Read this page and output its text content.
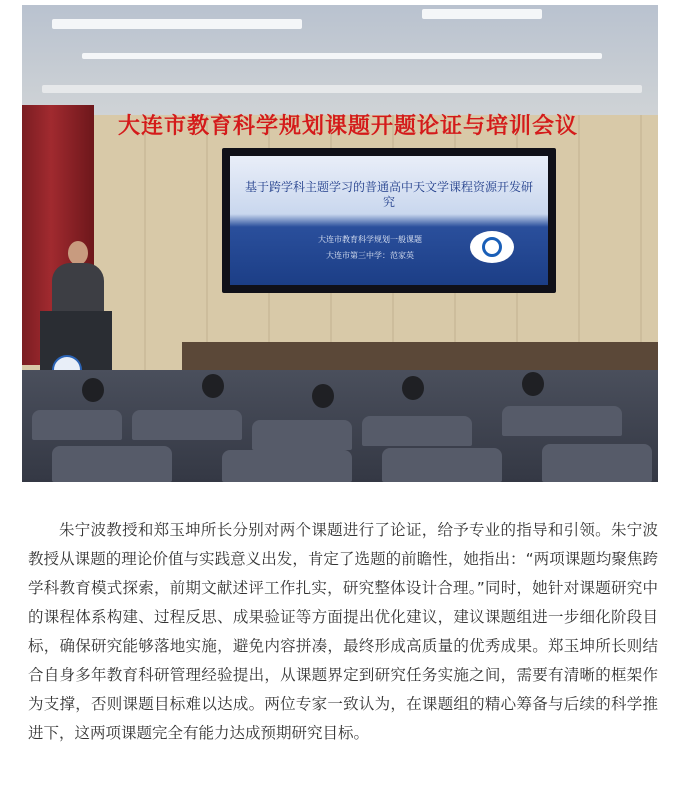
大连市教育科学规划课题开题论证与培训会议
基于跨学科主题学习的普通高中天文学课程资源开发研究
大连市教育科学规划一般课题
大连市第三中学：范家英
朱宁波教授和郑玉坤所长分别对两个课题进行了论证，给予专业的指导和引领。朱宁波教授从课题的理论价值与实践意义出发，肯定了选题的前瞻性，她指出：“两项课题均聚焦跨学科教育模式探索，前期文献述评工作扎实，研究整体设计合理。”同时，她针对课题研究中的课程体系构建、过程反思、成果验证等方面提出优化建议，建议课题组进一步细化阶段目标，确保研究能够落地实施，避免内容拼凑，最终形成高质量的优秀成果。郑玉坤所长则结合自身多年教育科研管理经验提出，从课题界定到研究任务实施之间，需要有清晰的框架作为支撑，否则课题目标难以达成。两位专家一致认为，在课题组的精心筹备与后续的科学推进下，这两项课题完全有能力达成预期研究目标。
